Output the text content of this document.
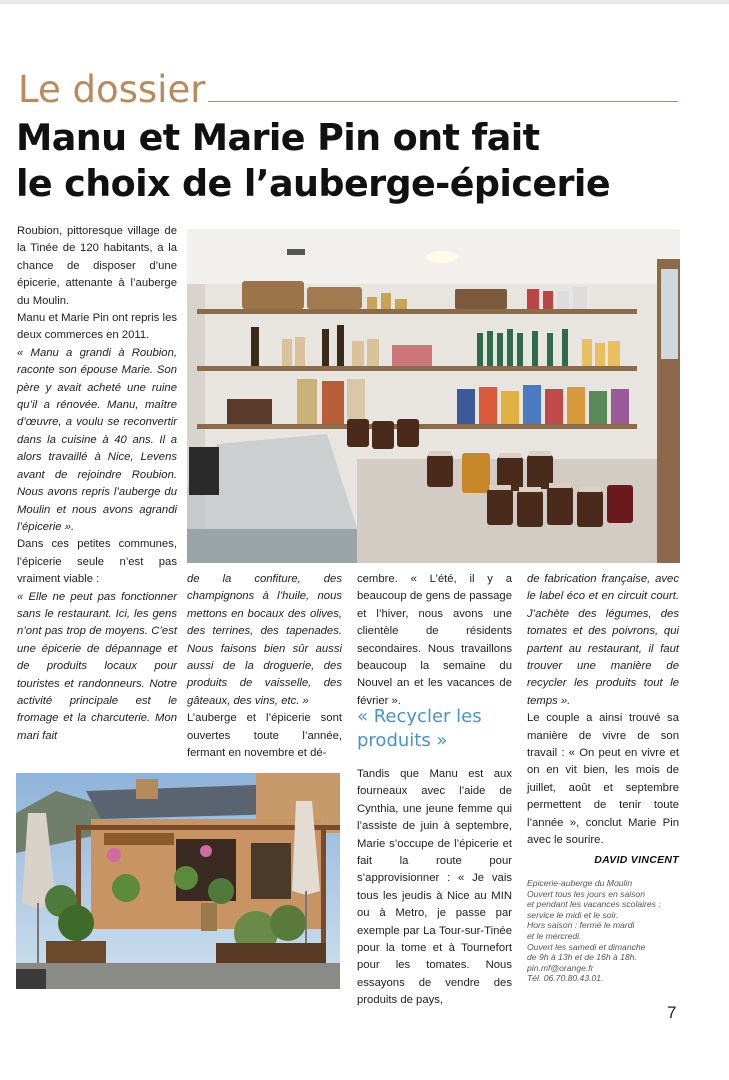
Le dossier
Manu et Marie Pin ont fait
le choix de l’auberge-épicerie

Roubion, pittoresque village de la Tinée de 120 habitants, a la chance de disposer d’une épicerie, attenante à l’auberge du Moulin.

Manu et Marie Pin ont repris les deux commerces en 2011.

« Manu a grandi à Roubion, raconte son épouse Marie. Son père y avait acheté une ruine qu’il a rénovée. Manu, maître d’œuvre, a voulu se reconvertir dans la cuisine à 40 ans. Il a alors travaillé à Nice, Levens avant de rejoindre Roubion. Nous avons repris l’auberge du Moulin et nous avons agrandi l’épicerie ».

Dans ces petites communes, l’épicerie seule n’est pas vraiment viable :

« Elle ne peut pas fonctionner sans le restaurant. Ici, les gens n’ont pas trop de moyens. C’est une épicerie de dépannage et de produits locaux pour touristes et randonneurs. Notre activité principale est le fromage et la charcuterie. Mon mari fait

de la confiture, des champignons à l’huile, nous mettons en bocaux des olives, des terrines, des tapenades. Nous faisons bien sûr aussi aussi de la droguerie, des produits de vaisselle, des gâteaux, des vins, etc. »

L’auberge et l’épicerie sont ouvertes toute l’année, fermant en novembre et dé-

cembre. « L’été, il y a beaucoup de gens de passage et l’hiver, nous avons une clientèle de résidents secondaires. Nous travaillons beaucoup la semaine du Nouvel an et les vacances de février ».

« Recycler les produits »

Tandis que Manu est aux fourneaux avec l’aide de Cynthia, une jeune femme qui l’assiste de juin à septembre, Marie s’occupe de l’épicerie et fait la route pour s’approvisionner : « Je vais tous les jeudis à Nice au MIN ou à Metro, je passe par exemple par La Tour-sur-Tinée pour la tome et à Tournefort pour les tomates. Nous essayons de vendre des produits de pays,

de fabrication française, avec le label éco et en circuit court. J’achète des légumes, des tomates et des poivrons, qui partent au restaurant, il faut trouver une manière de recycler les produits tout le temps ».

Le couple a ainsi trouvé sa manière de vivre de son travail : « On peut en vivre et on en vit bien, les mois de juillet, août et septembre permettent de tenir toute l’année », conclut Marie Pin avec le sourire.

DAVID VINCENT
Epicerie-auberge du Moulin
Ouvert tous les jours en saison
et pendant les vacances scolaires :
service le midi et le soir.
Hors saison : fermé le mardi
et le mercredi.
Ouvert les samedi et dimanche
de 9h à 13h et de 16h à 18h.
pin.mf@orange.fr
Tél. 06.70.80.43.01.
7
